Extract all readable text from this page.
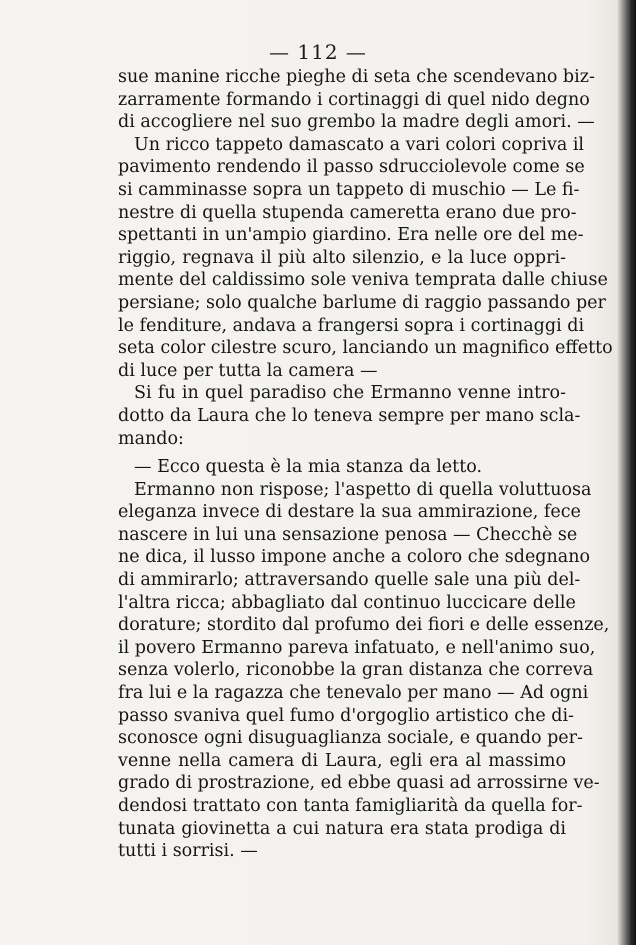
— 112 —
sue manine ricche pieghe di seta che scendevano biz-
zarramente formando i cortinaggi di quel nido degno
di accogliere nel suo grembo la madre degli amori. —
Un ricco tappeto damascato a vari colori copriva il
pavimento rendendo il passo sdrucciolevole come se
si camminasse sopra un tappeto di muschio — Le fi-
nestre di quella stupenda cameretta erano due pro-
spettanti in un'ampio giardino. Era nelle ore del me-
riggio, regnava il più alto silenzio, e la luce oppri-
mente del caldissimo sole veniva temprata dalle chiuse
persiane; solo qualche barlume di raggio passando per
le fenditure, andava a frangersi sopra i cortinaggi di
seta color cilestre scuro, lanciando un magnifico effetto
di luce per tutta la camera —
Si fu in quel paradiso che Ermanno venne intro-
dotto da Laura che lo teneva sempre per mano scla-
mando:
— Ecco questa è la mia stanza da letto.
Ermanno non rispose; l'aspetto di quella voluttuosa
eleganza invece di destare la sua ammirazione, fece
nascere in lui una sensazione penosa — Checchè se
ne dica, il lusso impone anche a coloro che sdegnano
di ammirarlo; attraversando quelle sale una più del-
l'altra ricca; abbagliato dal continuo luccicare delle
dorature; stordito dal profumo dei fiori e delle essenze,
il povero Ermanno pareva infatuato, e nell'animo suo,
senza volerlo, riconobbe la gran distanza che correva
fra lui e la ragazza che tenevalo per mano — Ad ogni
passo svaniva quel fumo d'orgoglio artistico che di-
sconosce ogni disuguaglianza sociale, e quando per-
venne nella camera di Laura, egli era al massimo
grado di prostrazione, ed ebbe quasi ad arrossirne ve-
dendosi trattato con tanta famigliarità da quella for-
tunata giovinetta a cui natura era stata prodiga di
tutti i sorrisi. —
